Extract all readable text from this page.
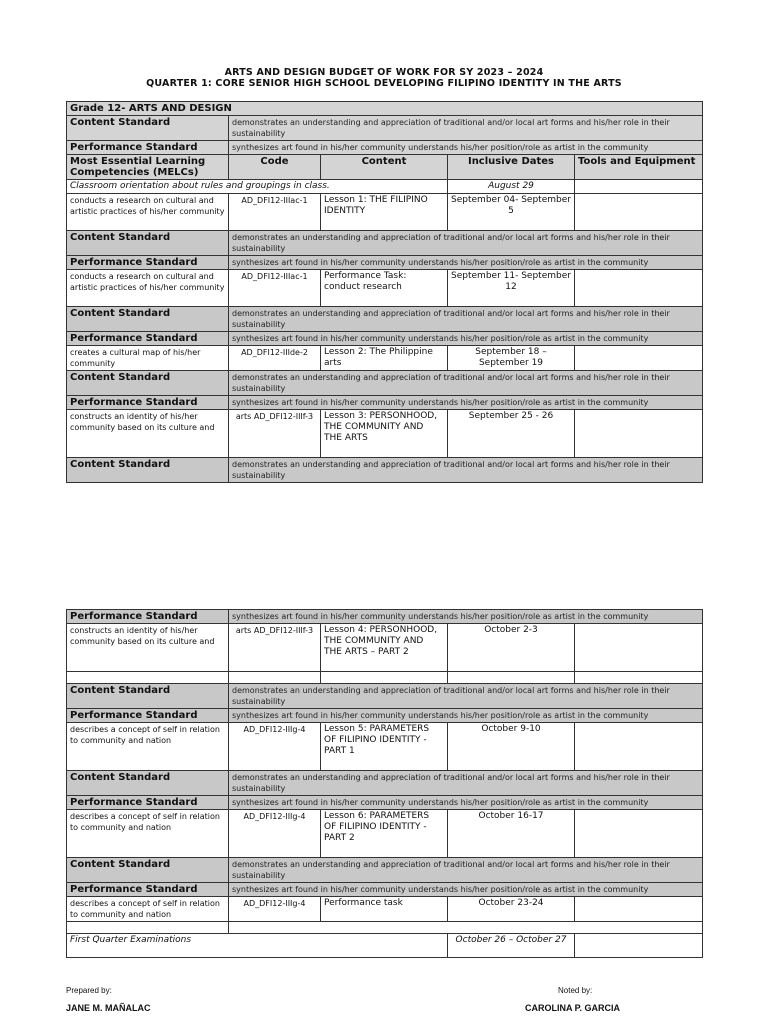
ARTS AND DESIGN BUDGET OF WORK FOR SY 2023 – 2024
QUARTER 1: CORE SENIOR HIGH SCHOOL DEVELOPING FILIPINO IDENTITY IN THE ARTS
Grade 12- ARTS AND DESIGN				
Content Standard	demonstrates an understanding and appreciation of traditional and/or local art forms and his/her role in their sustainability			
Performance Standard	synthesizes art found in his/her community understands his/her position/role as artist in the community			
Most Essential Learning Competencies (MELCs)	Code	Content	Inclusive Dates	Tools and Equipment
Classroom orientation about rules and groupings in class.			August 29	
conducts a research on cultural and artistic practices of his/her community	AD_DFI12-IIIac-1	Lesson 1: THE FILIPINO IDENTITY	September 04- September 5	
Content Standard	demonstrates an understanding and appreciation of traditional and/or local art forms and his/her role in their sustainability			
Performance Standard	synthesizes art found in his/her community understands his/her position/role as artist in the community			
conducts a research on cultural and artistic practices of his/her community	AD_DFI12-IIIac-1	Performance Task: conduct research	September 11- September 12	
Content Standard	demonstrates an understanding and appreciation of traditional and/or local art forms and his/her role in their sustainability			
Performance Standard	synthesizes art found in his/her community understands his/her position/role as artist in the community			
creates a cultural map of his/her community	AD_DFI12-IIIde-2	Lesson 2: The Philippine arts	September 18 – September 19	
Content Standard	demonstrates an understanding and appreciation of traditional and/or local art forms and his/her role in their sustainability			
Performance Standard	synthesizes art found in his/her community understands his/her position/role as artist in the community			
constructs an identity of his/her community based on its culture and	arts AD_DFI12-IIIf-3	Lesson 3: PERSONHOOD, THE COMMUNITY AND THE ARTS	September 25 - 26	
Content Standard	demonstrates an understanding and appreciation of traditional and/or local art forms and his/her role in their sustainability			
Performance Standard	synthesizes art found in his/her community understands his/her position/role as artist in the community			
constructs an identity of his/her community based on its culture and	arts AD_DFI12-IIIf-3	Lesson 4: PERSONHOOD, THE COMMUNITY AND THE ARTS – PART 2	October 2-3	

Content Standard	demonstrates an understanding and appreciation of traditional and/or local art forms and his/her role in their sustainability			
Performance Standard	synthesizes art found in his/her community understands his/her position/role as artist in the community			
describes a concept of self in relation to community and nation	AD_DFI12-IIIg-4	Lesson 5: PARAMETERS OF FILIPINO IDENTITY - PART 1	October 9-10	
Content Standard	demonstrates an understanding and appreciation of traditional and/or local art forms and his/her role in their sustainability			
Performance Standard	synthesizes art found in his/her community understands his/her position/role as artist in the community			
describes a concept of self in relation to community and nation	AD_DFI12-IIIg-4	Lesson 6: PARAMETERS OF FILIPINO IDENTITY - PART 2	October 16-17	
Content Standard	demonstrates an understanding and appreciation of traditional and/or local art forms and his/her role in their sustainability			
Performance Standard	synthesizes art found in his/her community understands his/her position/role as artist in the community			
describes a concept of self in relation to community and nation	AD_DFI12-IIIg-4	Performance task	October 23-24	

First Quarter Examinations			October 26 – October 27	
Prepared by:
JANE M. MAÑALAC
Noted by:
CAROLINA P. GARCIA
